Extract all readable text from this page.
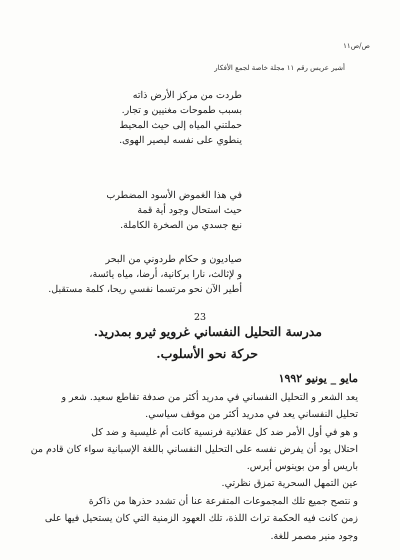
ص/ص١١
أشير عريس رقم ١١ مجلة خاصة لجمع الأفكار
طردت من مركز الأرض ذاته
بسبب طموحات مغنيين و تجار.
حملتني المياه إلى حيث المحيط
ينطوي على نفسه ليصير الهوى.
في هذا الغموض الأسود المضطرب
حيث استحال وجود أية قمة
نبع جسدي من الصخرة الكاملة.
صياديون و حكام طردوني من البحر
و لإثالث، نارا بركانية، أرضا، مياه يائسة،
أطير الآن نحو مرتسما نفسي ريحا، كلمة مستقبل.
23
مدرسة التحليل النفساني غرويو ثيرو بمدريد.
حركة نحو الأسلوب.
مايو _ يونيو ١٩٩٢
يعد الشعر و التحليل النفساني في مدريد أكثر من صدفة تقاطع سعيد. شعر و
تحليل النفساني يعد في مدريد أكثر من موقف سياسي.
و هو في أول الأمر ضد كل عقلانية فرنسية كانت أم غليسية و ضد كل
احتلال يود أن يفرض نفسه على التحليل النفساني باللغة الإسبانية سواء كان قادم من
باريس أو من بوينوس أيرس.
عين التمهل السحرية تمزق نظرتي.
و نتصح جميع تلك المجموعات المتفرعة عنا أن تشدد حذرها من ذاكرة
زمن كانت فيه الحكمة تراث اللذة، تلك العهود الزمنية التي كان يستحيل فيها على
وجود منير مصمر للغة.
